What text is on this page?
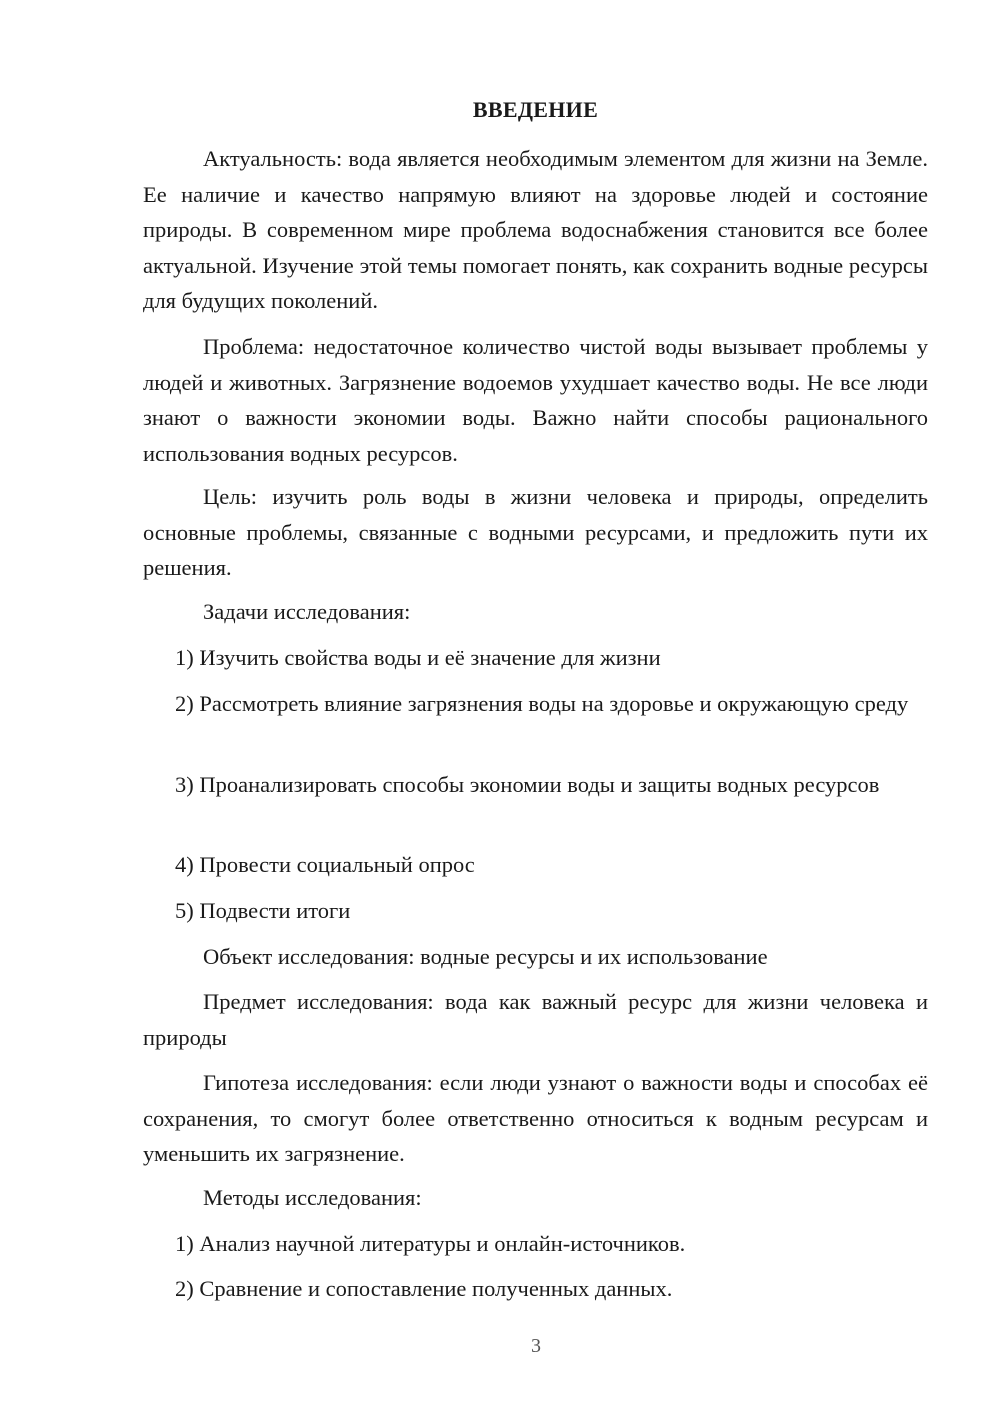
ВВЕДЕНИЕ

Актуальность: вода является необходимым элементом для жизни на Земле. Ее наличие и качество напрямую влияют на здоровье людей и состояние природы. В современном мире проблема водоснабжения становится все более актуальной. Изучение этой темы помогает понять, как сохранить водные ресурсы для будущих поколений.

Проблема: недостаточное количество чистой воды вызывает проблемы у людей и животных. Загрязнение водоемов ухудшает качество воды. Не все люди знают о важности экономии воды. Важно найти способы рационального использования водных ресурсов.

Цель: изучить роль воды в жизни человека и природы, определить основные проблемы, связанные с водными ресурсами, и предложить пути их решения.

Задачи исследования:

1) Изучить свойства воды и её значение для жизни

2) Рассмотреть влияние загрязнения воды на здоровье и окружающую среду

3) Проанализировать способы экономии воды и защиты водных ресурсов

4) Провести социальный опрос

5) Подвести итоги

Объект исследования: водные ресурсы и их использование

Предмет исследования: вода как важный ресурс для жизни человека и природы

Гипотеза исследования: если люди узнают о важности воды и способах её сохранения, то смогут более ответственно относиться к водным ресурсам и уменьшить их загрязнение.

Методы исследования:

1) Анализ научной литературы и онлайн-источников.

2) Сравнение и сопоставление полученных данных.

3
